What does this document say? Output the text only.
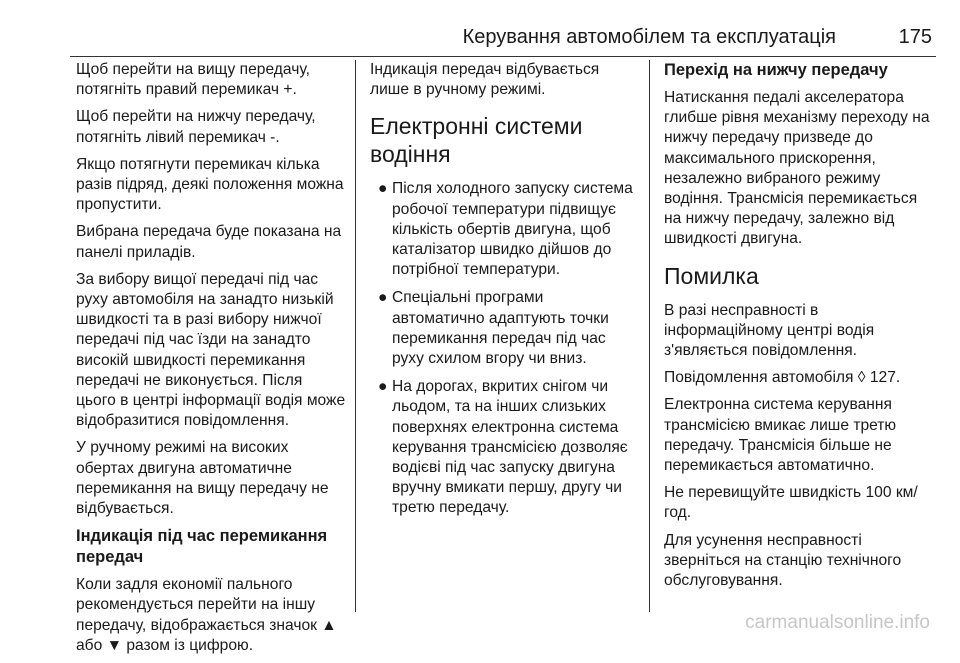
Керування автомобілем та експлуатація	175

Щоб перейти на вищу передачу, потягніть правий перемикач +.

Щоб перейти на нижчу передачу, потягніть лівий перемикач -.

Якщо потягнути перемикач кілька разів підряд, деякі положення можна пропустити.

Вибрана передача буде показана на панелі приладів.

За вибору вищої передачі під час руху автомобіля на занадто низькій швидкості та в разі вибору нижчої передачі під час їзди на занадто високій швидкості перемикання передачі не виконується. Після цього в центрі інформації водія може відобразитися повідомлення.

У ручному режимі на високих обертах двигуна автоматичне перемикання на вищу передачу не відбувається.

Індикація під час перемикання передач

Коли задля економії пального рекомендується перейти на іншу передачу, відображається значок ▲ або ▼ разом із цифрою.

Індикація передач відбувається лише в ручному режимі.

Електронні системи водіння
● Після холодного запуску система робочої температури підвищує кількість обертів двигуна, щоб каталізатор швидко дійшов до потрібної температури.
● Спеціальні програми автоматично адаптують точки перемикання передач під час руху схилом вгору чи вниз.
● На дорогах, вкритих снігом чи льодом, та на інших слизьких поверхнях електронна система керування трансмісією дозволяє водієві під час запуску двигуна вручну вмикати першу, другу чи третю передачу.
Перехід на нижчу передачу

Натискання педалі акселератора глибше рівня механізму переходу на нижчу передачу призведе до максимального прискорення, незалежно вибраного режиму водіння. Трансмісія перемикається на нижчу передачу, залежно від швидкості двигуна.

Помилка

В разі несправності в інформаційному центрі водія з'являється повідомлення.

Повідомлення автомобіля ◊ 127.

Електронна система керування трансмісією вмикає лише третю передачу. Трансмісія більше не перемикається автоматично.

Не перевищуйте швидкість 100 км/год.

Для усунення несправності зверніться на станцію технічного обслуговування.

carmanualsonline.info
